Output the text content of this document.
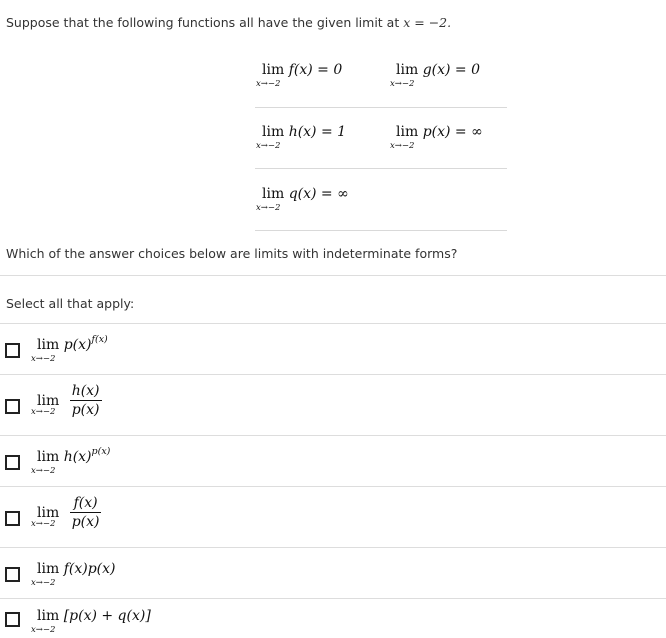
Suppose that the following functions all have the given limit at x = −2.
lim
x→−2
f(x) = 0	lim
x→−2
g(x) = 0
lim
x→−2
h(x) = 1	lim
x→−2
p(x) = ∞
lim
x→−2
q(x) = ∞
Which of the answer choices below are limits with indeterminate forms?
Select all that apply:
lim
x→−2
$p(x)^{f(x)}$
lim
x→−2
$\frac{h(x)}{p(x)}$
lim
x→−2
$h(x)^{p(x)}$
lim
x→−2
$\frac{f(x)}{p(x)}$
lim
x→−2
f(x)p(x)
lim
x→−2
[p(x) + q(x)]
